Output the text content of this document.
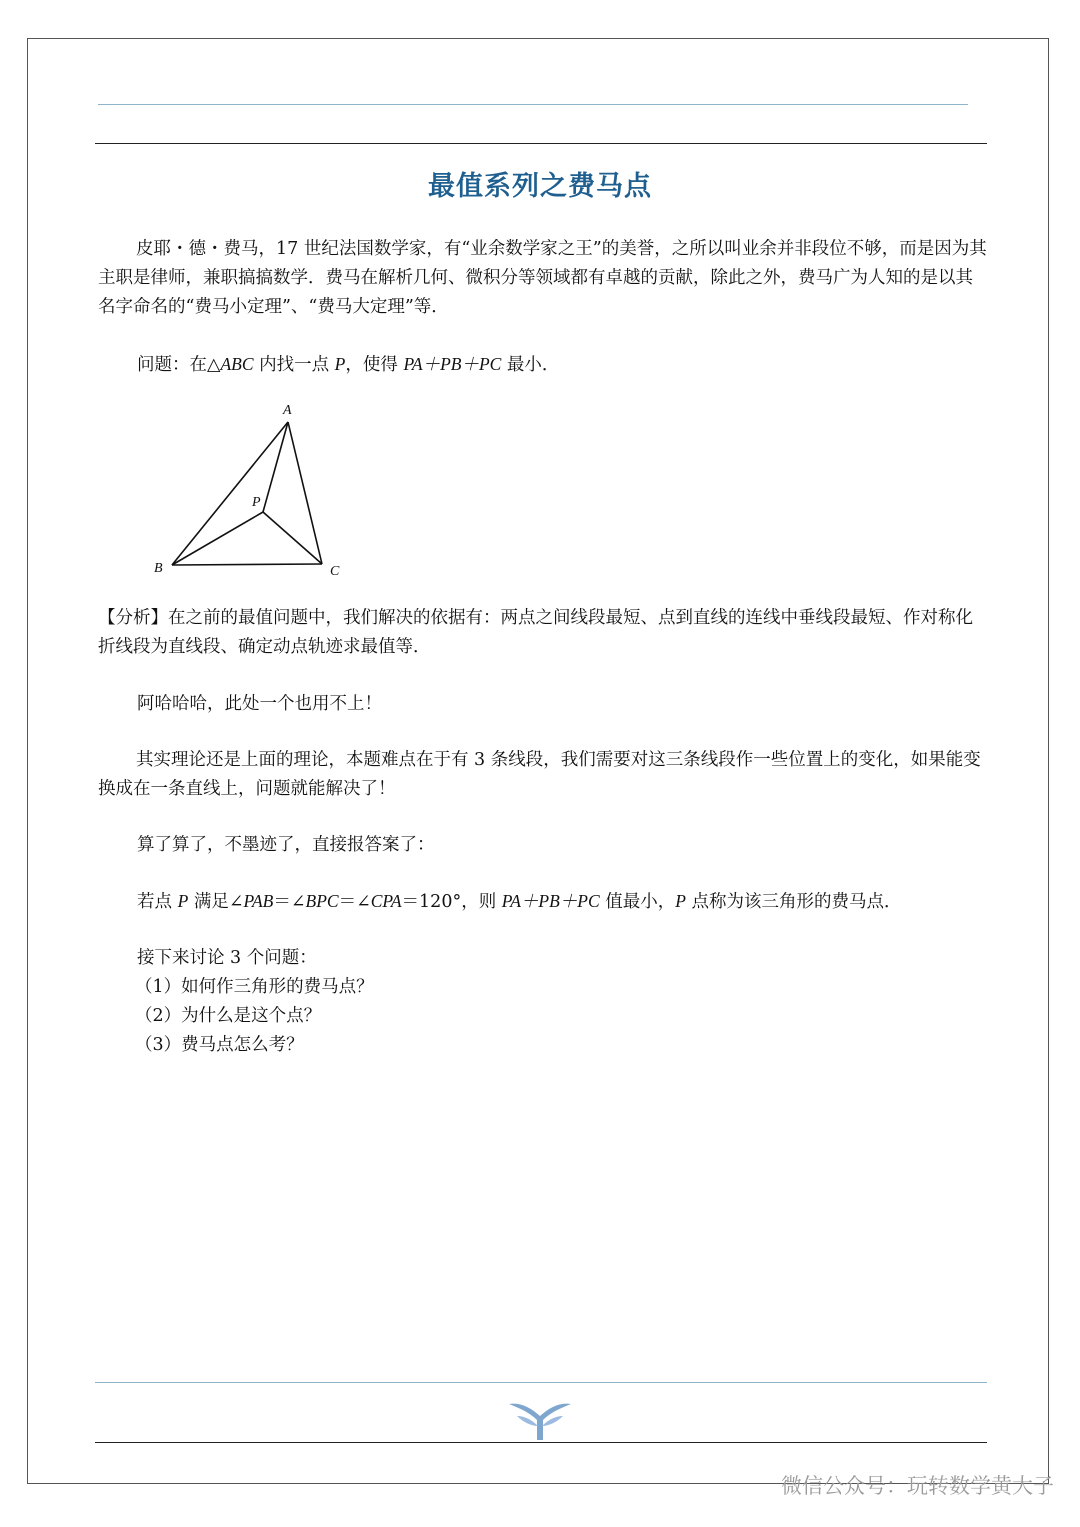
最值系列之费马点
皮耶・德・费马，17 世纪法国数学家，有“业余数学家之王”的美誉，之所以叫业余并非段位不够，而是因为其主职是律师，兼职搞搞数学．费马在解析几何、微积分等领域都有卓越的贡献，除此之外，费马广为人知的是以其名字命名的“费马小定理”、“费马大定理”等．
问题：在△ABC 内找一点 P，使得 PA＋PB＋PC 最小．
A
P
B	C
【分析】在之前的最值问题中，我们解决的依据有：两点之间线段最短、点到直线的连线中垂线段最短、作对称化折线段为直线段、确定动点轨迹求最值等．
阿哈哈哈，此处一个也用不上！
其实理论还是上面的理论，本题难点在于有 3 条线段，我们需要对这三条线段作一些位置上的变化，如果能变换成在一条直线上，问题就能解决了！
算了算了，不墨迹了，直接报答案了：
若点 P 满足∠PAB＝∠BPC＝∠CPA＝120°，则 PA＋PB＋PC 值最小，P 点称为该三角形的费马点．
接下来讨论 3 个问题：
（1）如何作三角形的费马点？
（2）为什么是这个点？
（3）费马点怎么考？
微信公众号：玩转数学黄大子
